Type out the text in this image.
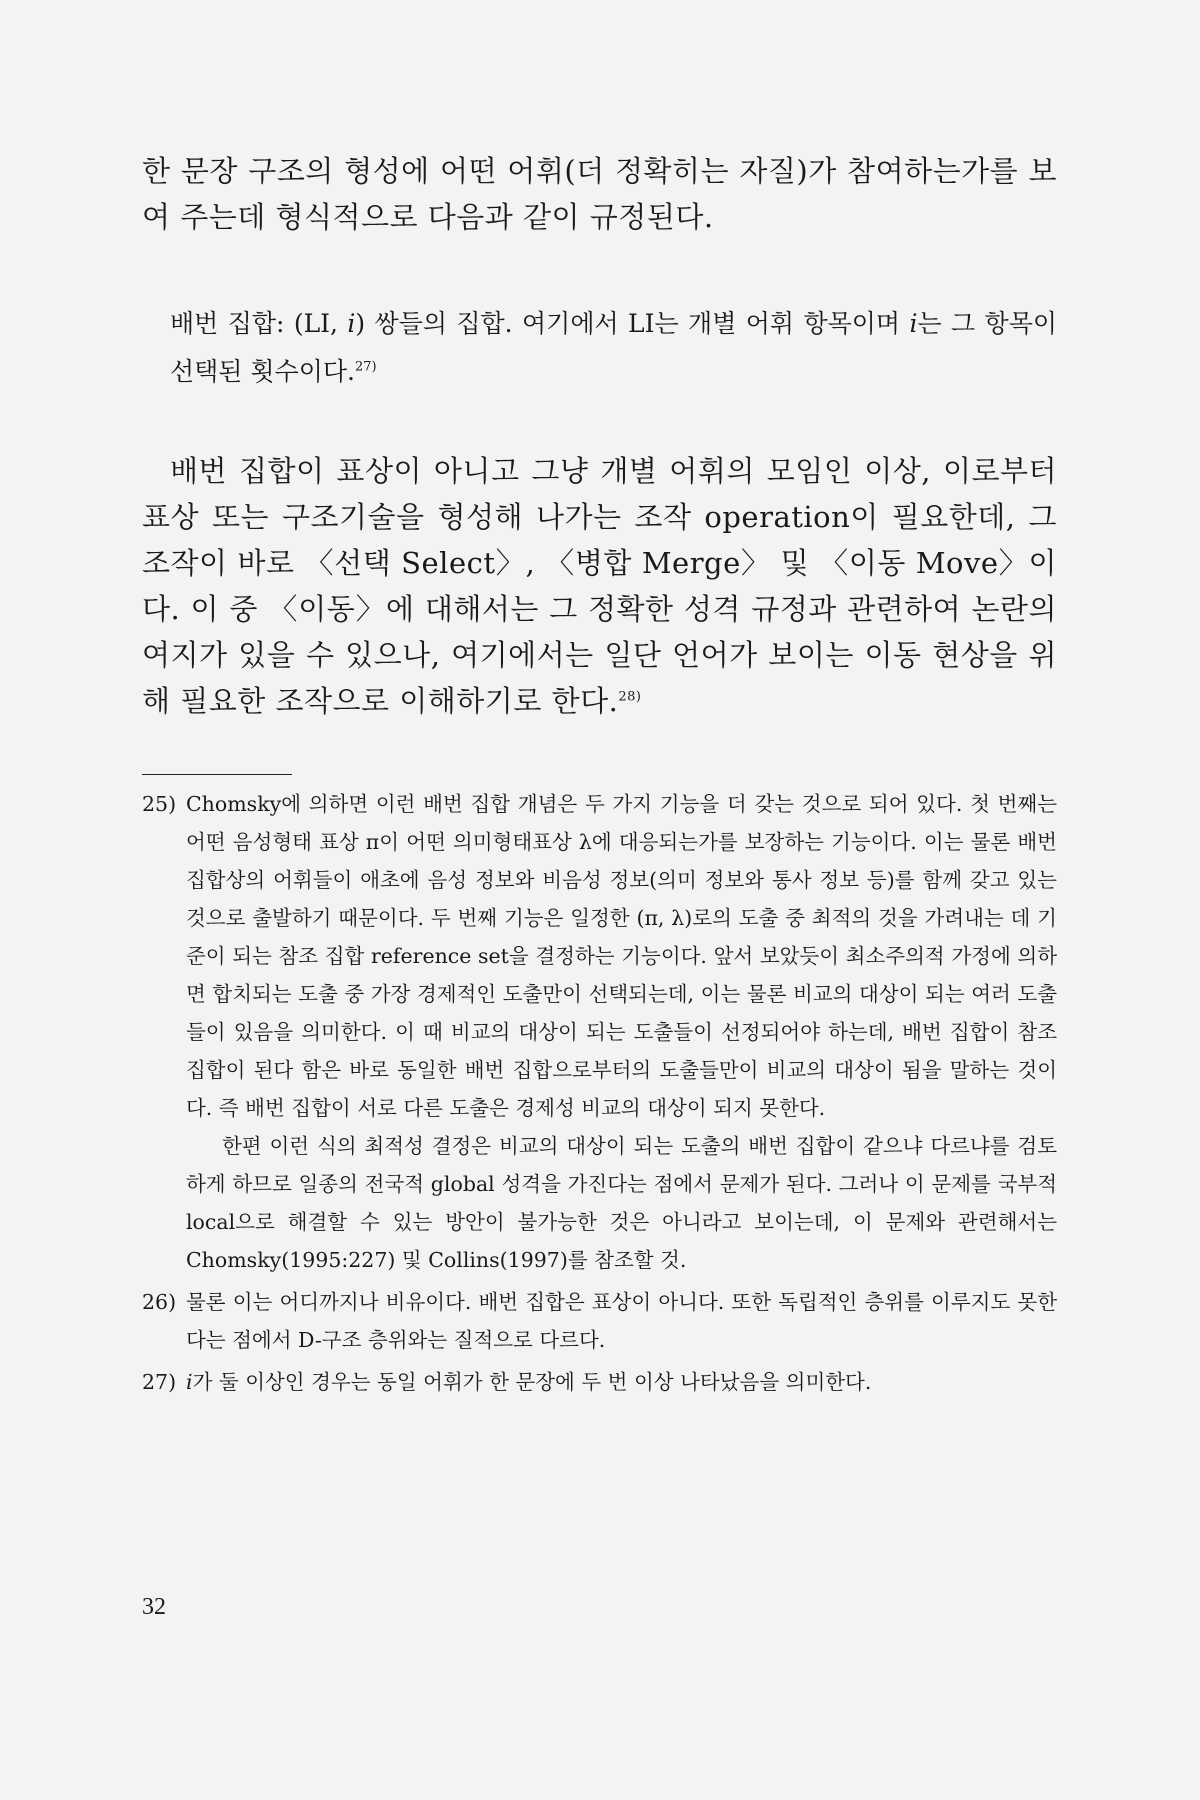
한 문장 구조의 형성에 어떤 어휘(더 정확히는 자질)가 참여하는가를 보여 주는데 형식적으로 다음과 같이 규정된다.

배번 집합: (LI, i) 쌍들의 집합. 여기에서 LI는 개별 어휘 항목이며 i는 그 항목이 선택된 횟수이다.$^{27)}$

배번 집합이 표상이 아니고 그냥 개별 어휘의 모임인 이상, 이로부터 표상 또는 구조기술을 형성해 나가는 조작 operation이 필요한데, 그 조작이 바로 〈선택 Select〉, 〈병합 Merge〉 및 〈이동 Move〉이다. 이 중 〈이동〉에 대해서는 그 정확한 성격 규정과 관련하여 논란의 여지가 있을 수 있으나, 여기에서는 일단 언어가 보이는 이동 현상을 위해 필요한 조작으로 이해하기로 한다.$^{28)}$

25) Chomsky에 의하면 이런 배번 집합 개념은 두 가지 기능을 더 갖는 것으로 되어 있다. 첫 번째는 어떤 음성형태 표상 π이 어떤 의미형태표상 λ에 대응되는가를 보장하는 기능이다. 이는 물론 배번 집합상의 어휘들이 애초에 음성 정보와 비음성 정보(의미 정보와 통사 정보 등)를 함께 갖고 있는 것으로 출발하기 때문이다. 두 번째 기능은 일정한 (π, λ)로의 도출 중 최적의 것을 가려내는 데 기준이 되는 참조 집합 reference set을 결정하는 기능이다. 앞서 보았듯이 최소주의적 가정에 의하면 합치되는 도출 중 가장 경제적인 도출만이 선택되는데, 이는 물론 비교의 대상이 되는 여러 도출들이 있음을 의미한다. 이 때 비교의 대상이 되는 도출들이 선정되어야 하는데, 배번 집합이 참조 집합이 된다 함은 바로 동일한 배번 집합으로부터의 도출들만이 비교의 대상이 됨을 말하는 것이다. 즉 배번 집합이 서로 다른 도출은 경제성 비교의 대상이 되지 못한다.

한편 이런 식의 최적성 결정은 비교의 대상이 되는 도출의 배번 집합이 같으냐 다르냐를 검토하게 하므로 일종의 전국적 global 성격을 가진다는 점에서 문제가 된다. 그러나 이 문제를 국부적 local으로 해결할 수 있는 방안이 불가능한 것은 아니라고 보이는데, 이 문제와 관련해서는 Chomsky(1995:227) 및 Collins(1997)를 참조할 것.

26) 물론 이는 어디까지나 비유이다. 배번 집합은 표상이 아니다. 또한 독립적인 층위를 이루지도 못한다는 점에서 D-구조 층위와는 질적으로 다르다.
27) i가 둘 이상인 경우는 동일 어휘가 한 문장에 두 번 이상 나타났음을 의미한다.
32
